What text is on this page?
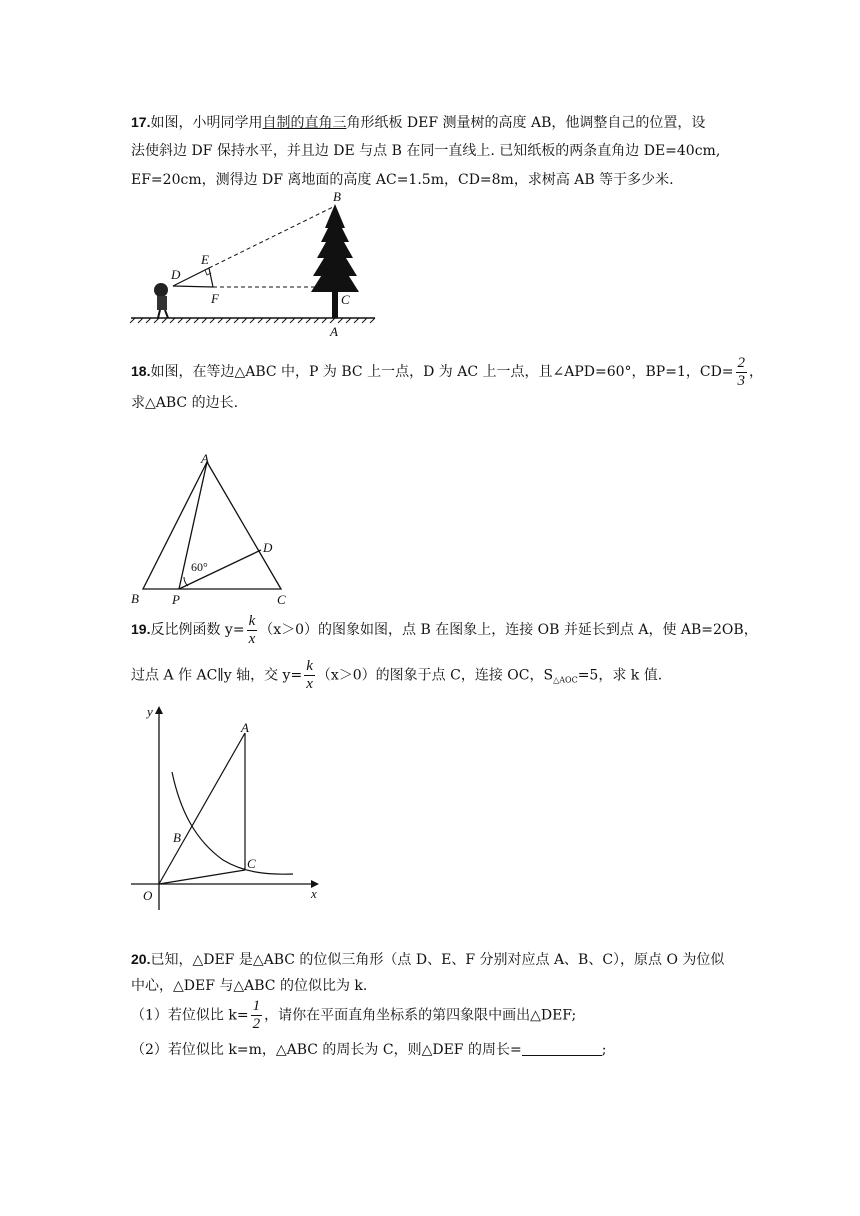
17.如图，小明同学用自制的直角三角形纸板 DEF 测量树的高度 AB，他调整自己的位置，设
法使斜边 DF 保持水平，并且边 DE 与点 B 在同一直线上. 已知纸板的两条直角边 DE=40cm,
EF=20cm，测得边 DF 离地面的高度 AC=1.5m，CD=8m，求树高 AB 等于多少米.
B
E
D
F	C
A
18.如图，在等边△ABC 中，P 为 BC 上一点，D 为 AC 上一点，且∠APD=60°，BP=1，$CD= \frac{2}{3}$ ，
求△ABC 的边长.
A
B	P	C
D
60°
19.反比例函数 $y= \frac{k}{x} (x>0)$的图象如图，点 B 在图象上，连接 OB 并延长到点 A，使 AB=2OB，
过点 A 作 AC∥y 轴，交 $y= \frac{k}{x} (x>0)$的图象于点 C，连接 OC，$S_{\triangle AOC}=5$，求 k 值.
y
x
O
A
B
C
20.已知，△DEF 是△ABC 的位似三角形（点 D、E、F 分别对应点 A、B、C），原点 O 为位似
中心，△DEF 与△ABC 的位似比为 k.
（1）若位似比 $k= \frac{1}{2}$ ，请你在平面直角坐标系的第四象限中画出△DEF;
（2）若位似比 k=m，△ABC 的周长为 C，则△DEF 的周长=	;
